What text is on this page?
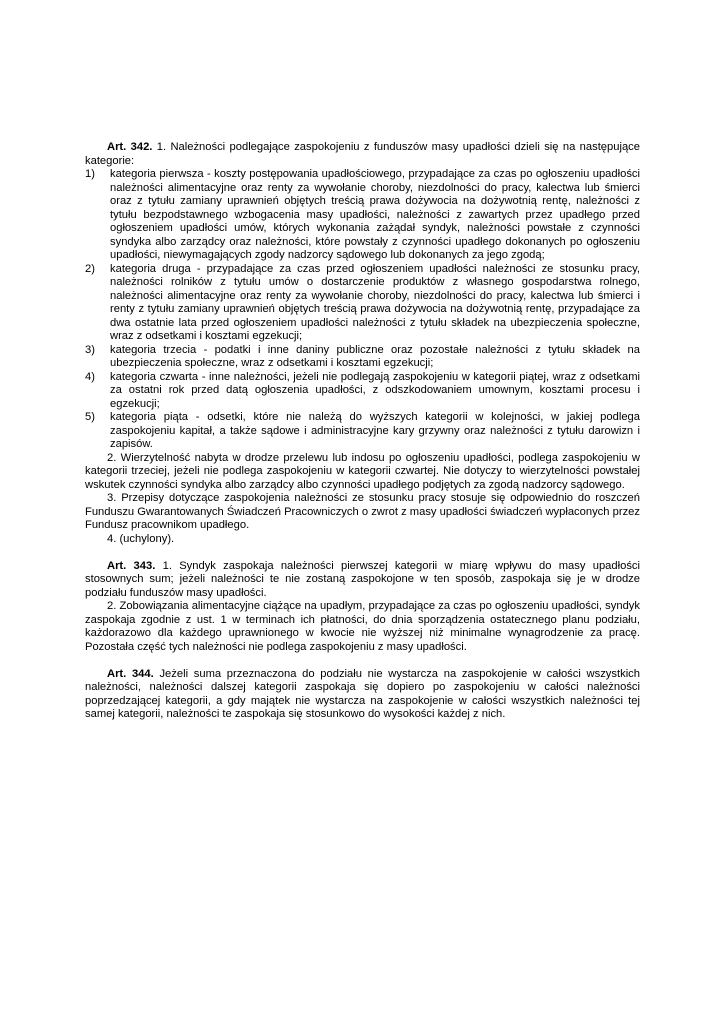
Art. 342. 1. Należności podlegające zaspokojeniu z funduszów masy upadłości dzieli się na następujące kategorie:

1)	kategoria pierwsza - koszty postępowania upadłościowego, przypadające za czas po ogłoszeniu upadłości należności alimentacyjne oraz renty za wywołanie choroby, niezdolności do pracy, kalectwa lub śmierci oraz z tytułu zamiany uprawnień objętych treścią prawa dożywocia na dożywotnią rentę, należności z tytułu bezpodstawnego wzbogacenia masy upadłości, należności z zawartych przez upadłego przed ogłoszeniem upadłości umów, których wykonania zażądał syndyk, należności powstałe z czynności syndyka albo zarządcy oraz należności, które powstały z czynności upadłego dokonanych po ogłoszeniu upadłości, niewymagających zgody nadzorcy sądowego lub dokonanych za jego zgodą;
2)	kategoria druga - przypadające za czas przed ogłoszeniem upadłości należności ze stosunku pracy, należności rolników z tytułu umów o dostarczenie produktów z własnego gospodarstwa rolnego, należności alimentacyjne oraz renty za wywołanie choroby, niezdolności do pracy, kalectwa lub śmierci i renty z tytułu zamiany uprawnień objętych treścią prawa dożywocia na dożywotnią rentę, przypadające za dwa ostatnie lata przed ogłoszeniem upadłości należności z tytułu składek na ubezpieczenia społeczne, wraz z odsetkami i kosztami egzekucji;
3)	kategoria trzecia - podatki i inne daniny publiczne oraz pozostałe należności z tytułu składek na ubezpieczenia społeczne, wraz z odsetkami i kosztami egzekucji;
4)	kategoria czwarta - inne należności, jeżeli nie podlegają zaspokojeniu w kategorii piątej, wraz z odsetkami za ostatni rok przed datą ogłoszenia upadłości, z odszkodowaniem umownym, kosztami procesu i egzekucji;
5)	kategoria piąta - odsetki, które nie należą do wyższych kategorii w kolejności, w jakiej podlega zaspokojeniu kapitał, a także sądowe i administracyjne kary grzywny oraz należności z tytułu darowizn i zapisów.

2. Wierzytelność nabyta w drodze przelewu lub indosu po ogłoszeniu upadłości, podlega zaspokojeniu w kategorii trzeciej, jeżeli nie podlega zaspokojeniu w kategorii czwartej. Nie dotyczy to wierzytelności powstałej wskutek czynności syndyka albo zarządcy albo czynności upadłego podjętych za zgodą nadzorcy sądowego.

3. Przepisy dotyczące zaspokojenia należności ze stosunku pracy stosuje się odpowiednio do roszczeń Funduszu Gwarantowanych Świadczeń Pracowniczych o zwrot z masy upadłości świadczeń wypłaconych przez Fundusz pracownikom upadłego.

4. (uchylony).

Art. 343. 1. Syndyk zaspokaja należności pierwszej kategorii w miarę wpływu do masy upadłości stosownych sum; jeżeli należności te nie zostaną zaspokojone w ten sposób, zaspokaja się je w drodze podziału funduszów masy upadłości.

2. Zobowiązania alimentacyjne ciążące na upadłym, przypadające za czas po ogłoszeniu upadłości, syndyk zaspokaja zgodnie z ust. 1 w terminach ich płatności, do dnia sporządzenia ostatecznego planu podziału, każdorazowo dla każdego uprawnionego w kwocie nie wyższej niż minimalne wynagrodzenie za pracę. Pozostała część tych należności nie podlega zaspokojeniu z masy upadłości.

Art. 344. Jeżeli suma przeznaczona do podziału nie wystarcza na zaspokojenie w całości wszystkich należności, należności dalszej kategorii zaspokaja się dopiero po zaspokojeniu w całości należności poprzedzającej kategorii, a gdy majątek nie wystarcza na zaspokojenie w całości wszystkich należności tej samej kategorii, należności te zaspokaja się stosunkowo do wysokości każdej z nich.
